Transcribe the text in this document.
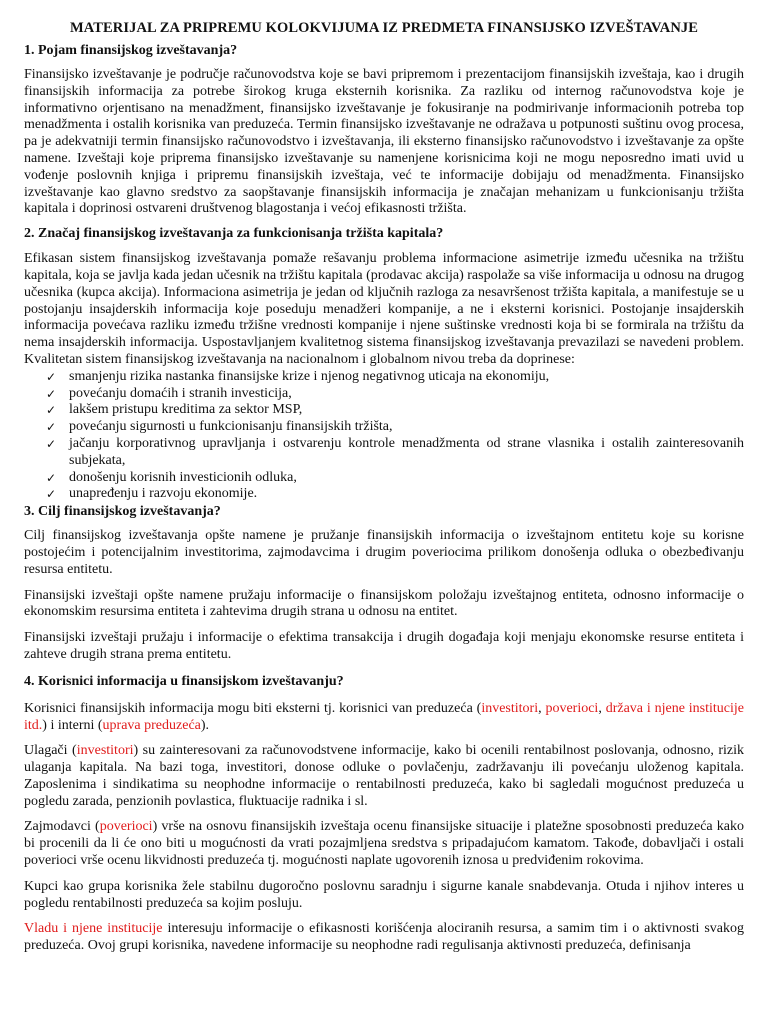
MATERIJAL ZA PRIPREMU KOLOKVIJUMA IZ PREDMETA FINANSIJSKO IZVEŠTAVANJE
1. Pojam finansijskog izveštavanja?

Finansijsko izveštavanje je područje računovodstva koje se bavi pripremom i prezentacijom finansijskih izveštaja, kao i drugih finansijskih informacija za potrebe širokog kruga eksternih korisnika. Za razliku od internog računovodstva koje je informativno orjentisano na menadžment, finansijsko izveštavanje je fokusiranje na podmirivanje informacionih potreba top menadžmenta i ostalih korisnika van preduzeća. Termin finansijsko izveštavanje ne odražava u potpunosti suštinu ovog procesa, pa je adekvatniji termin finansijsko računovodstvo i izveštavanja, ili eksterno finansijsko računovodstvo i izveštavanje za opšte namene. Izveštaji koje priprema finansijsko izveštavanje su namenjene korisnicima koji ne mogu neposredno imati uvid u vođenje poslovnih knjiga i pripremu finansijskih izveštaja, već te informacije dobijaju od menadžmenta. Finansijsko izveštavanje kao glavno sredstvo za saopštavanje finansijskih informacija je značajan mehanizam u funkcionisanju tržišta kapitala i doprinosi ostvareni društvenog blagostanja i većoj efikasnosti tržišta.

2. Značaj finansijskog izveštavanja za funkcionisanja tržišta kapitala?

Efikasan sistem finansijskog izveštavanja pomaže rešavanju problema informacione asimetrije između učesnika na tržištu kapitala, koja se javlja kada jedan učesnik na tržištu kapitala (prodavac akcija) raspolaže sa više informacija u odnosu na drugog učesnika (kupca akcija). Informaciona asimetrija je jedan od ključnih razloga za nesavršenost tržišta kapitala, a manifestuje se u postojanju insajderskih informacija koje poseduju menadžeri kompanije, a ne i eksterni korisnici. Postojanje insajderskih informacija povećava razliku između tržišne vrednosti kompanije i njene suštinske vrednosti koja bi se formirala na tržištu da nema insajderskih informacija. Uspostavljanjem kvalitetnog sistema finansijskog izveštavanja prevazilazi se navedeni problem. Kvalitetan sistem finansijskog izveštavanja na nacionalnom i globalnom nivou treba da doprinese:

✓ smanjenju rizika nastanka finansijske krize i njenog negativnog uticaja na ekonomiju,
✓ povećanju domaćih i stranih investicija,
✓ lakšem pristupu kreditima za sektor MSP,
✓ povećanju sigurnosti u funkcionisanju finansijskih tržišta,
✓ jačanju korporativnog upravljanja i ostvarenju kontrole menadžmenta od strane vlasnika i ostalih zainteresovanih subjekata,
✓ donošenju korisnih investicionih odluka,
✓ unapređenju i razvoju ekonomije.
3. Cilj finansijskog izveštavanja?

Cilj finansijskog izveštavanja opšte namene je pružanje finansijskih informacija o izveštajnom entitetu koje su korisne postojećim i potencijalnim investitorima, zajmodavcima i drugim poveriocima prilikom donošenja odluka o obezbeđivanju resursa entitetu.

Finansijski izveštaji opšte namene pružaju informacije o finansijskom položaju izveštajnog entiteta, odnosno informacije o ekonomskim resursima entiteta i zahtevima drugih strana u odnosu na entitet.

Finansijski izveštaji pružaju i informacije o efektima transakcija i drugih događaja koji menjaju ekonomske resurse entiteta i zahteve drugih strana prema entitetu.

4. Korisnici informacija u finansijskom izveštavanju?

Korisnici finansijskih informacija mogu biti eksterni tj. korisnici van preduzeća (investitori, poverioci, država i njene institucije itd.) i interni (uprava preduzeća).

Ulagači (investitori) su zainteresovani za računovodstvene informacije, kako bi ocenili rentabilnost poslovanja, odnosno, rizik ulaganja kapitala. Na bazi toga, investitori, donose odluke o povlačenju, zadržavanju ili povećanju uloženog kapitala. Zaposlenima i sindikatima su neophodne informacije o rentabilnosti preduzeća, kako bi sagledali mogućnost preduzeća u pogledu zarada, penzionih povlastica, fluktuacije radnika i sl.

Zajmodavci (poverioci) vrše na osnovu finansijskih izveštaja ocenu finansijske situacije i platežne sposobnosti preduzeća kako bi procenili da li će ono biti u mogućnosti da vrati pozajmljena sredstva s pripadajućom kamatom. Takođe, dobavljači i ostali poverioci vrše ocenu likvidnosti preduzeća tj. mogućnosti naplate ugovorenih iznosa u predviđenim rokovima.

Kupci kao grupa korisnika žele stabilnu dugoročno poslovnu saradnju i sigurne kanale snabdevanja. Otuda i njihov interes u pogledu rentabilnosti preduzeća sa kojim posluju.

Vladu i njene institucije interesuju informacije o efikasnosti korišćenja alociranih resursa, a samim tim i o aktivnosti svakog preduzeća. Ovoj grupi korisnika, navedene informacije su neophodne radi regulisanja aktivnosti preduzeća, definisanja
